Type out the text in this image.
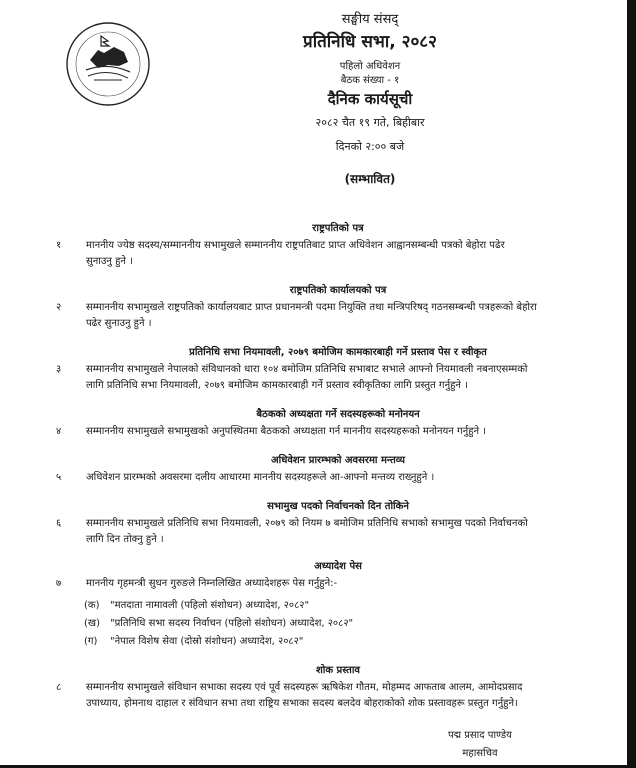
सङ्घीय संसद्
प्रतिनिधि सभा, २०८२
पहिलो अधिवेशन
बैठक संख्या - १
दैनिक कार्यसूची
२०८२ चैत १९ गते, बिहीबार
दिनको २:०० बजे
(सम्भावित)
राष्ट्रपतिको पत्र
१	माननीय ज्येष्ठ सदस्य/सम्माननीय सभामुखले सम्माननीय राष्ट्रपतिबाट प्राप्त अधिवेशन आह्वानसम्बन्धी पत्रको बेहोरा पढेर
सुनाउनु हुने ।
राष्ट्रपतिको कार्यालयको पत्र
२	सम्माननीय सभामुखले राष्ट्रपतिको कार्यालयबाट प्राप्त प्रधानमन्त्री पदमा नियुक्ति तथा मन्त्रिपरिषद् गठनसम्बन्धी पत्रहरूको बेहोरा
पढेर सुनाउनु हुने ।
प्रतिनिधि सभा नियमावली, २०७९ बमोजिम कामकारबाही गर्ने प्रस्ताव पेस र स्वीकृत
३	सम्माननीय सभामुखले नेपालको संविधानको धारा १०४ बमोजिम प्रतिनिधि सभाबाट सभाले आफ्नो नियमावली नबनाएसम्मको
लागि प्रतिनिधि सभा नियमावली, २०७९ बमोजिम कामकारबाही गर्ने प्रस्ताव स्वीकृतिका लागि प्रस्तुत गर्नुहुने ।
बैठकको अध्यक्षता गर्ने सदस्यहरूको मनोनयन
४	सम्माननीय सभामुखले सभामुखको अनुपस्थितमा बैठकको अध्यक्षता गर्न माननीय सदस्यहरूको मनोनयन गर्नुहुने ।
अधिवेशन प्रारम्भको अवसरमा मन्तव्य
५	अधिवेशन प्रारम्भको अवसरमा दलीय आधारमा माननीय सदस्यहरूले आ-आफ्नो मन्तव्य राख्नुहुने ।
सभामुख पदको निर्वाचनको दिन तोकिने
६	सम्माननीय सभामुखले प्रतिनिधि सभा नियमावली, २०७९ को नियम ७ बमोजिम प्रतिनिधि सभाको सभामुख पदको निर्वाचनको
लागि दिन तोक्नु हुने ।
अध्यादेश पेस
७	माननीय गृहमन्त्री सुधन गुरुङले निम्नलिखित अध्यादेशहरू पेस गर्नुहुने:-
(क)	"मतदाता नामावली (पहिलो संशोधन) अध्यादेश, २०८२"
(ख)	"प्रतिनिधि सभा सदस्य निर्वाचन (पहिलो संशोधन) अध्यादेश, २०८२"
(ग)	"नेपाल विशेष सेवा (दोस्रो संशोधन) अध्यादेश, २०८२"
शोक प्रस्ताव
८	सम्माननीय सभामुखले संविधान सभाका सदस्य एवं पूर्व सदस्यहरू ऋषिकेश गौतम, मोहम्मद आफताब आलम, आमोदप्रसाद
उपाध्याय, होमनाथ दाहाल र संविधान सभा तथा राष्ट्रिय सभाका सदस्य बलदेव बोहराकोको शोक प्रस्तावहरू प्रस्तुत गर्नुहुने।
पद्म प्रसाद पाण्डेय
महासचिव
